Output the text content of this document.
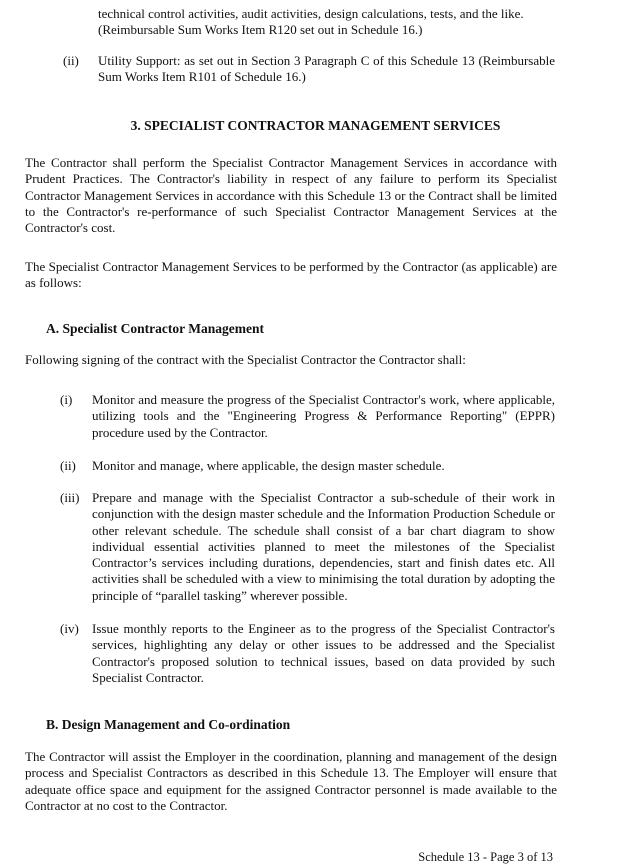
technical control activities, audit activities, design calculations, tests, and the like.
(Reimbursable Sum Works Item R120 set out in Schedule 16.)
(ii) Utility Support: as set out in Section 3 Paragraph C of this Schedule 13 (Reimbursable Sum Works Item R101 of Schedule 16.)
3. SPECIALIST CONTRACTOR MANAGEMENT SERVICES
The Contractor shall perform the Specialist Contractor Management Services in accordance with Prudent Practices. The Contractor's liability in respect of any failure to perform its Specialist Contractor Management Services in accordance with this Schedule 13 or the Contract shall be limited to the Contractor's re-performance of such Specialist Contractor Management Services at the Contractor's cost.
The Specialist Contractor Management Services to be performed by the Contractor (as applicable) are as follows:
A. Specialist Contractor Management
Following signing of the contract with the Specialist Contractor the Contractor shall:
(i) Monitor and measure the progress of the Specialist Contractor's work, where applicable, utilizing tools and the "Engineering Progress & Performance Reporting" (EPPR) procedure used by the Contractor.
(ii) Monitor and manage, where applicable, the design master schedule.
(iii) Prepare and manage with the Specialist Contractor a sub-schedule of their work in conjunction with the design master schedule and the Information Production Schedule or other relevant schedule. The schedule shall consist of a bar chart diagram to show individual essential activities planned to meet the milestones of the Specialist Contractor’s services including durations, dependencies, start and finish dates etc. All activities shall be scheduled with a view to minimising the total duration by adopting the principle of “parallel tasking” wherever possible.
(iv) Issue monthly reports to the Engineer as to the progress of the Specialist Contractor's services, highlighting any delay or other issues to be addressed and the Specialist Contractor's proposed solution to technical issues, based on data provided by such Specialist Contractor.
B. Design Management and Co-ordination
The Contractor will assist the Employer in the coordination, planning and management of the design process and Specialist Contractors as described in this Schedule 13. The Employer will ensure that adequate office space and equipment for the assigned Contractor personnel is made available to the Contractor at no cost to the Contractor.
Schedule 13 - Page 3 of 13
